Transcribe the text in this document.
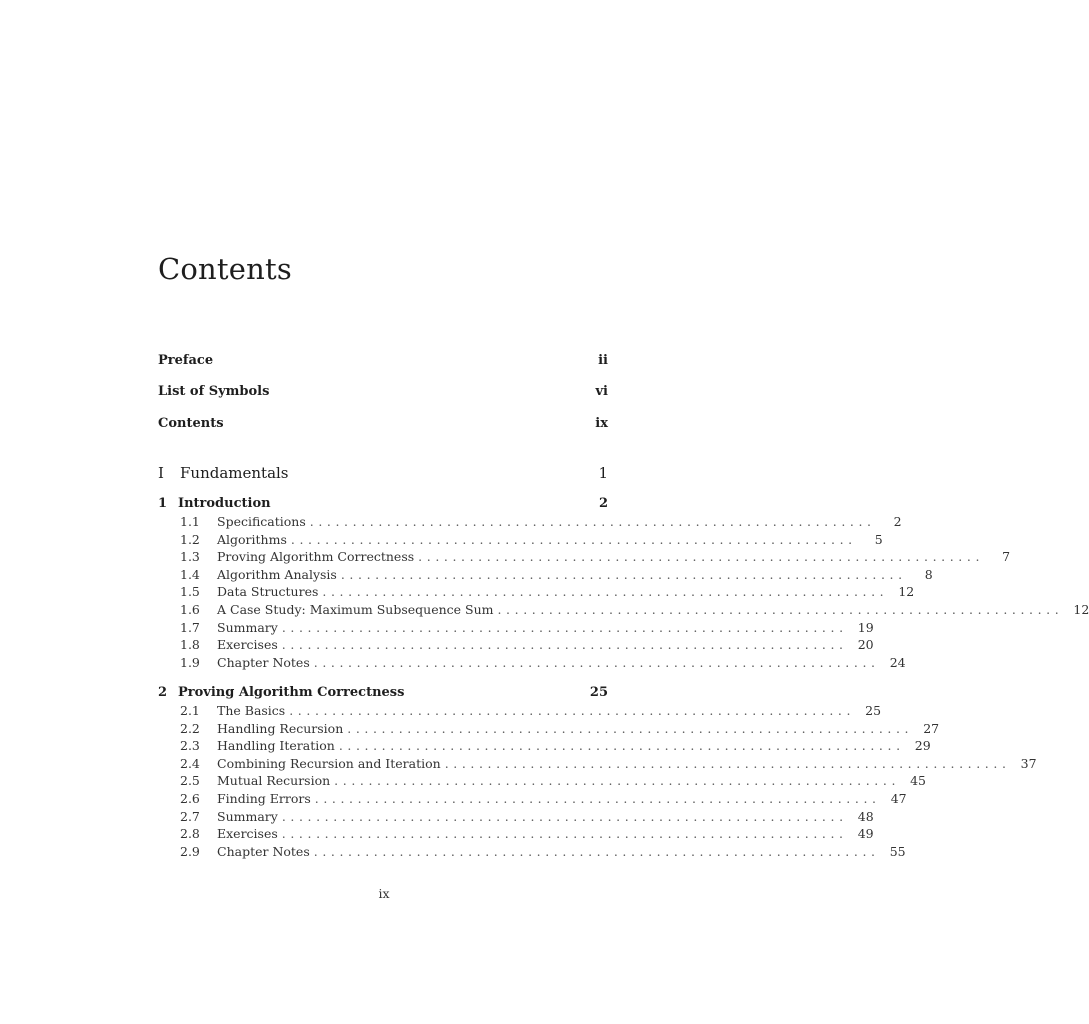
Contents
Preface	ii
List of Symbols	vi
Contents	ix
I Fundamentals	1
1 Introduction	2
1.1	Specifications ..................................................................	2
1.2	Algorithms ..................................................................	5
1.3	Proving Algorithm Correctness ..................................................................	7
1.4	Algorithm Analysis ..................................................................	8
1.5	Data Structures .................................................................. 12
1.6	A Case Study: Maximum Subsequence Sum .................................................................. 12
1.7	Summary .................................................................. 19
1.8	Exercises .................................................................. 20
1.9	Chapter Notes .................................................................. 24
2 Proving Algorithm Correctness	25
2.1	The Basics .................................................................. 25
2.2	Handling Recursion .................................................................. 27
2.3	Handling Iteration .................................................................. 29
2.4	Combining Recursion and Iteration .................................................................. 37
2.5	Mutual Recursion .................................................................. 45
2.6	Finding Errors .................................................................. 47
2.7	Summary .................................................................. 48
2.8	Exercises .................................................................. 49
2.9	Chapter Notes .................................................................. 55
ix
